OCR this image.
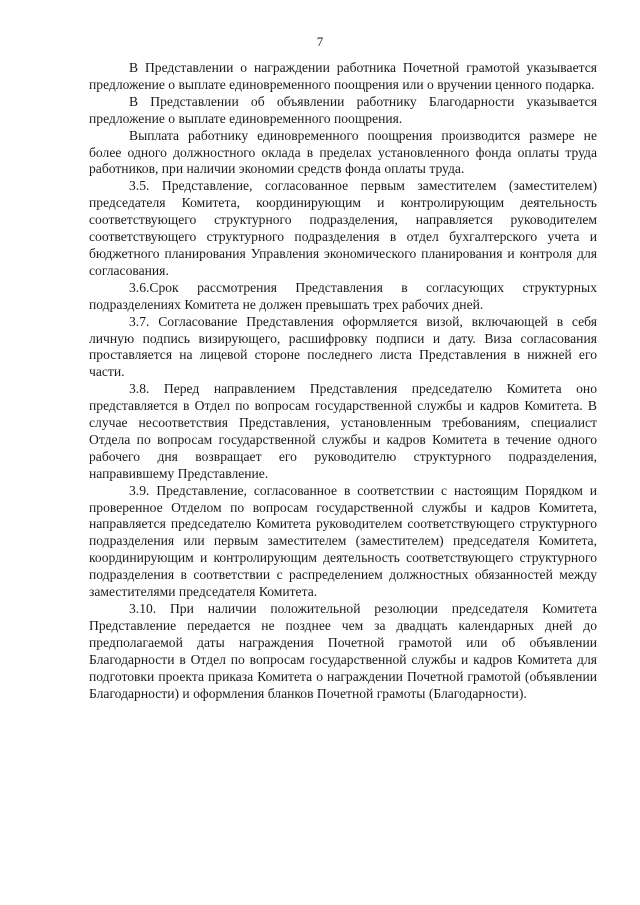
7

В Представлении о награждении работника Почетной грамотой указывается предложение о выплате единовременного поощрения или о вручении ценного подарка.

В Представлении об объявлении работнику Благодарности указывается предложение о выплате единовременного поощрения.

Выплата работнику единовременного поощрения производится размере не более одного должностного оклада в пределах установленного фонда оплаты труда работников, при наличии экономии средств фонда оплаты труда.

3.5. Представление, согласованное первым заместителем (заместителем) председателя Комитета, координирующим и контролирующим деятельность соответствующего структурного подразделения, направляется руководителем соответствующего структурного подразделения в отдел бухгалтерского учета и бюджетного планирования Управления экономического планирования и контроля для согласования.

3.6.Срок рассмотрения Представления в согласующих структурных подразделениях Комитета не должен превышать трех рабочих дней.

3.7. Согласование Представления оформляется визой, включающей в себя личную подпись визирующего, расшифровку подписи и дату. Виза согласования проставляется на лицевой стороне последнего листа Представления в нижней его части.

3.8. Перед направлением Представления председателю Комитета оно представляется в Отдел по вопросам государственной службы и кадров Комитета. В случае несоответствия Представления, установленным требованиям, специалист Отдела по вопросам государственной службы и кадров Комитета в течение одного рабочего дня возвращает его руководителю структурного подразделения, направившему Представление.

3.9. Представление, согласованное в соответствии с настоящим Порядком и проверенное Отделом по вопросам государственной службы и кадров Комитета, направляется председателю Комитета руководителем соответствующего структурного подразделения или первым заместителем (заместителем) председателя Комитета, координирующим и контролирующим деятельность соответствующего структурного подразделения в соответствии с распределением должностных обязанностей между заместителями председателя Комитета.

3.10. При наличии положительной резолюции председателя Комитета Представление передается не позднее чем за двадцать календарных дней до предполагаемой даты награждения Почетной грамотой или об объявлении Благодарности в Отдел по вопросам государственной службы и кадров Комитета для подготовки проекта приказа Комитета о награждении Почетной грамотой (объявлении Благодарности) и оформления бланков Почетной грамоты (Благодарности).
